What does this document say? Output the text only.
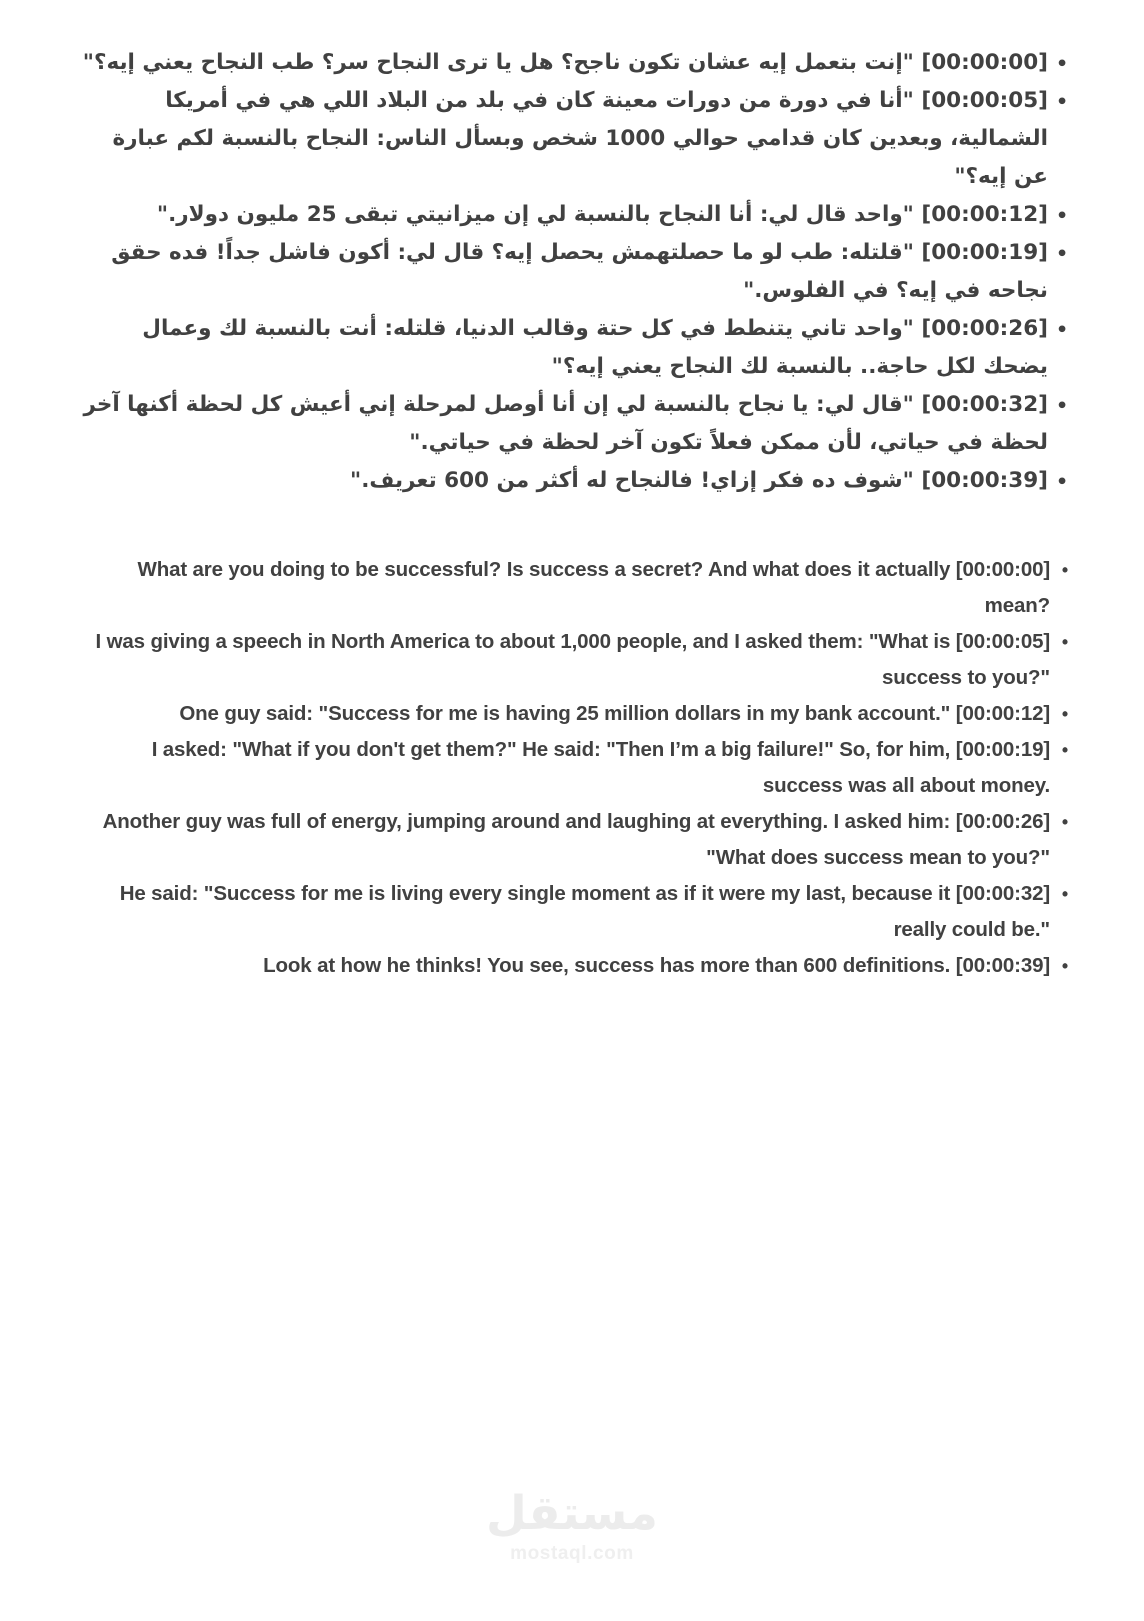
• [00:00:00] "إنت بتعمل إيه عشان تكون ناجح؟ هل يا ترى النجاح سر؟ طب النجاح يعني إيه؟"
• [00:00:05] "أنا في دورة من دورات معينة كان في بلد من البلاد اللي هي في أمريكا الشمالية، وبعدين كان قدامي حوالي 1000 شخص وبسأل الناس: النجاح بالنسبة لكم عبارة عن إيه؟"
• [00:00:12] "واحد قال لي: أنا النجاح بالنسبة لي إن ميزانيتي تبقى 25 مليون دولار."
• [00:00:19] "قلتله: طب لو ما حصلتهمش يحصل إيه؟ قال لي: أكون فاشل جداً! فده حقق نجاحه في إيه؟ في الفلوس."
• [00:00:26] "واحد تاني يتنطط في كل حتة وقالب الدنيا، قلتله: أنت بالنسبة لك وعمال يضحك لكل حاجة.. بالنسبة لك النجاح يعني إيه؟"
• [00:00:32] "قال لي: يا نجاح بالنسبة لي إن أنا أوصل لمرحلة إني أعيش كل لحظة أكنها آخر لحظة في حياتي، لأن ممكن فعلاً تكون آخر لحظة في حياتي."
• [00:00:39] "شوف ده فكر إزاي! فالنجاح له أكثر من 600 تعريف."
• [00:00:00] What are you doing to be successful? Is success a secret? And what does it actually mean?
• [00:00:05] I was giving a speech in North America to about 1,000 people, and I asked them: "What is success to you?"
• [00:00:12] One guy said: "Success for me is having 25 million dollars in my bank account."
• [00:00:19] I asked: "What if you don't get them?" He said: "Then I’m a big failure!" So, for him, success was all about money.
• [00:00:26] Another guy was full of energy, jumping around and laughing at everything. I asked him: "What does success mean to you?"
• [00:00:32] He said: "Success for me is living every single moment as if it were my last, because it really could be."
• [00:00:39] Look at how he thinks! You see, success has more than 600 definitions.
مستقل
mostaql.com
